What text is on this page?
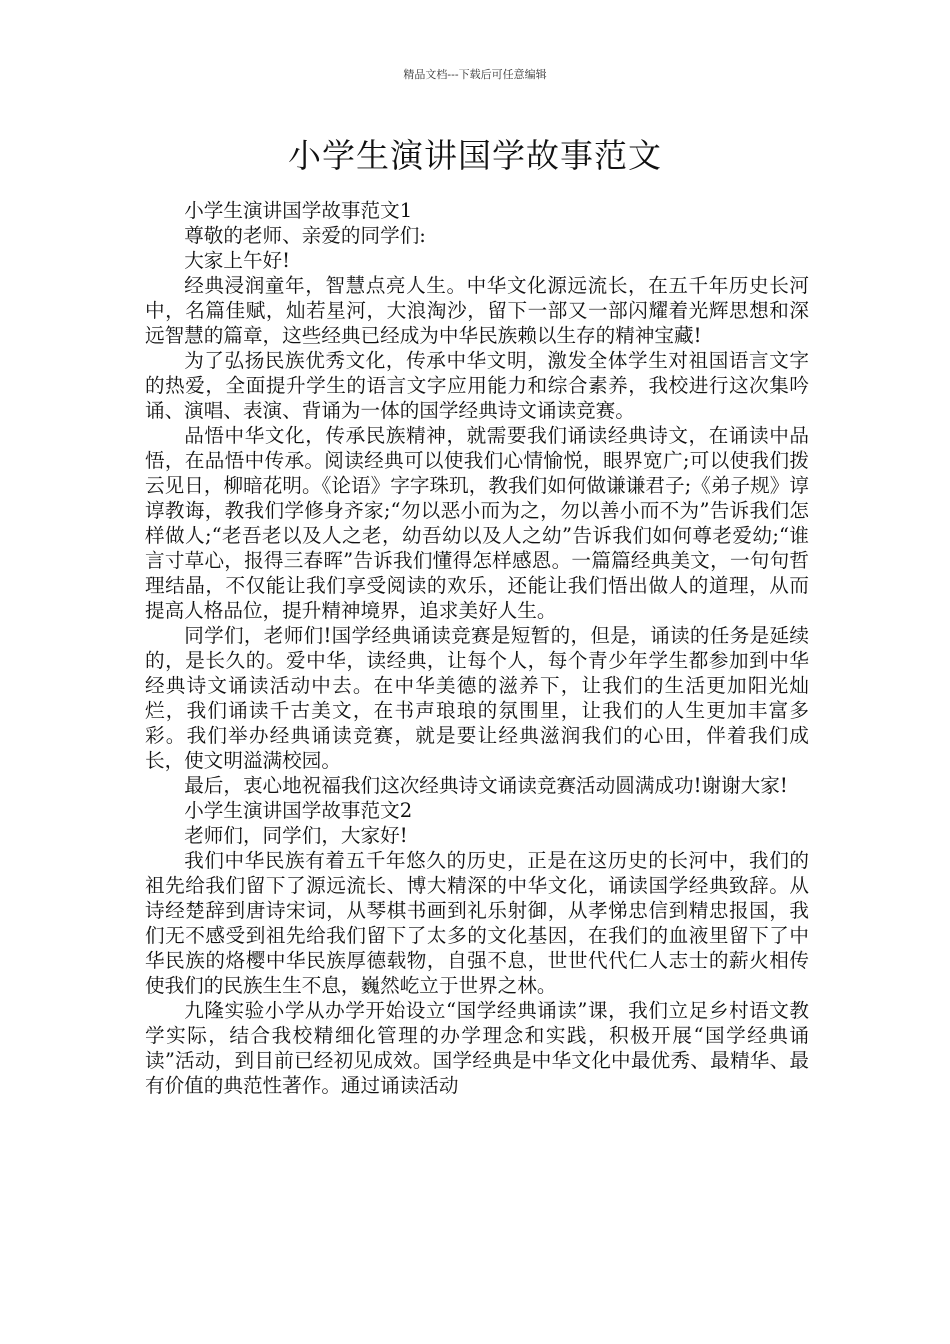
精品文档---下载后可任意编辑
小学生演讲国学故事范文

小学生演讲国学故事范文1

尊敬的老师、亲爱的同学们:

大家上午好!

经典浸润童年，智慧点亮人生。中华文化源远流长，在五千年历史长河中，名篇佳赋，灿若星河，大浪淘沙，留下一部又一部闪耀着光辉思想和深远智慧的篇章，这些经典已经成为中华民族赖以生存的精神宝藏!

为了弘扬民族优秀文化，传承中华文明，激发全体学生对祖国语言文字的热爱，全面提升学生的语言文字应用能力和综合素养，我校进行这次集吟诵、演唱、表演、背诵为一体的国学经典诗文诵读竞赛。

品悟中华文化，传承民族精神，就需要我们诵读经典诗文，在诵读中品悟，在品悟中传承。阅读经典可以使我们心情愉悦，眼界宽广;可以使我们拨云见日，柳暗花明。《论语》字字珠玑，教我们如何做谦谦君子;《弟子规》谆谆教诲，教我们学修身齐家;“勿以恶小而为之，勿以善小而不为”告诉我们怎样做人;“老吾老以及人之老，幼吾幼以及人之幼”告诉我们如何尊老爱幼;“谁言寸草心，报得三春晖”告诉我们懂得怎样感恩。一篇篇经典美文，一句句哲理结晶，不仅能让我们享受阅读的欢乐，还能让我们悟出做人的道理，从而提高人格品位，提升精神境界，追求美好人生。

同学们，老师们!国学经典诵读竞赛是短暂的，但是，诵读的任务是延续的，是长久的。爱中华，读经典，让每个人，每个青少年学生都参加到中华经典诗文诵读活动中去。在中华美德的滋养下，让我们的生活更加阳光灿烂，我们诵读千古美文，在书声琅琅的氛围里，让我们的人生更加丰富多彩。我们举办经典诵读竞赛，就是要让经典滋润我们的心田，伴着我们成长，使文明溢满校园。

最后，衷心地祝福我们这次经典诗文诵读竞赛活动圆满成功!谢谢大家!

小学生演讲国学故事范文2

老师们，同学们，大家好!

我们中华民族有着五千年悠久的历史，正是在这历史的长河中，我们的祖先给我们留下了源远流长、博大精深的中华文化，诵读国学经典致辞。从诗经楚辞到唐诗宋词，从琴棋书画到礼乐射御，从孝悌忠信到精忠报国，我们无不感受到祖先给我们留下了太多的文化基因，在我们的血液里留下了中华民族的烙樱中华民族厚德载物，自强不息，世世代代仁人志士的薪火相传使我们的民族生生不息，巍然屹立于世界之林。

九隆实验小学从办学开始设立“国学经典诵读”课，我们立足乡村语文教学实际，结合我校精细化管理的办学理念和实践，积极开展“国学经典诵读”活动，到目前已经初见成效。国学经典是中华文化中最优秀、最精华、最有价值的典范性著作。通过诵读活动
